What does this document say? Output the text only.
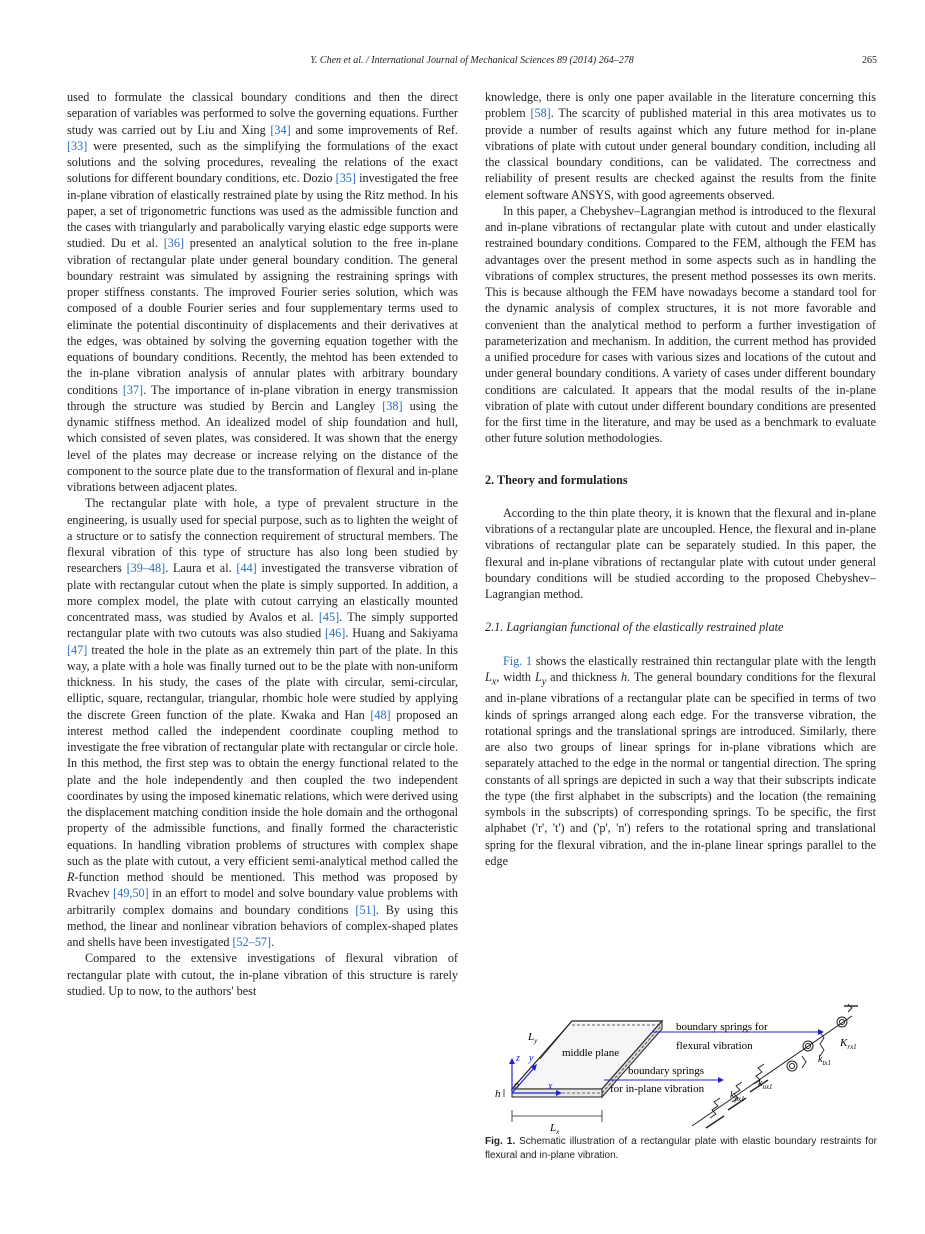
Y. Chen et al. / International Journal of Mechanical Sciences 89 (2014) 264–278	265

used to formulate the classical boundary conditions and then the direct separation of variables was performed to solve the governing equations. Further study was carried out by Liu and Xing [34] and some improvements of Ref. [33] were presented, such as the simplifying the formulations of the exact solutions and the solving procedures, revealing the relations of the exact solutions for different boundary conditions, etc. Dozio [35] investigated the free in-plane vibration of elastically restrained plate by using the Ritz method. In his paper, a set of trigonometric functions was used as the admissible function and the cases with triangularly and parabolically varying elastic edge supports were studied. Du et al. [36] presented an analytical solution to the free in-plane vibration of rectangular plate under general boundary condition. The general boundary restraint was simulated by assigning the restraining springs with proper stiffness constants. The improved Fourier series solution, which was composed of a double Fourier series and four supplementary terms used to eliminate the potential discontinuity of displacements and their derivatives at the edges, was obtained by solving the governing equation together with the equations of boundary conditions. Recently, the mehtod has been extended to the in-plane vibration analysis of annular plates with arbitrary boundary conditions [37]. The importance of in-plane vibration in energy transmission through the structure was studied by Bercin and Langley [38] using the dynamic stiffness method. An idealized model of ship foundation and hull, which consisted of seven plates, was considered. It was shown that the energy level of the plates may decrease or increase relying on the distance of the component to the source plate due to the transformation of flexural and in-plane vibrations between adjacent plates.

The rectangular plate with hole, a type of prevalent structure in the engineering, is usually used for special purpose, such as to lighten the weight of a structure or to satisfy the connection requirement of structural members. The flexural vibration of this type of structure has also long been studied by researchers [39–48]. Laura et al. [44] investigated the transverse vibration of plate with rectangular cutout when the plate is simply supported. In addition, a more complex model, the plate with cutout carrying an elastically mounted concentrated mass, was studied by Avalos et al. [45]. The simply supported rectangular plate with two cutouts was also studied [46]. Huang and Sakiyama [47] treated the hole in the plate as an extremely thin part of the plate. In this way, a plate with a hole was finally turned out to be the plate with non-uniform thickness. In his study, the cases of the plate with circular, semi-circular, elliptic, square, rectangular, triangular, rhombic hole were studied by applying the discrete Green function of the plate. Kwaka and Han [48] proposed an interest method called the independent coordinate coupling method to investigate the free vibration of rectangular plate with rectangular or circle hole. In this method, the first step was to obtain the energy functional related to the plate and the hole independently and then coupled the two independent coordinates by using the imposed kinematic relations, which were derived using the displacement matching condition inside the hole domain and the orthogonal property of the admissible functions, and finally formed the characteristic equations. In handling vibration problems of structures with complex shape such as the plate with cutout, a very efficient semi-analytical method called the R-function method should be mentioned. This method was proposed by Rvachev [49,50] in an effort to model and solve boundary value problems with arbitrarily complex domains and boundary conditions [51]. By using this method, the linear and nonlinear vibration behaviors of complex-shaped plates and shells have been investigated [52–57].

Compared to the extensive investigations of flexural vibration of rectangular plate with cutout, the in-plane vibration of this structure is rarely studied. Up to now, to the authors' best

knowledge, there is only one paper available in the literature concerning this problem [58]. The scarcity of published material in this area motivates us to provide a number of results against which any future method for in-plane vibrations of plate with cutout under general boundary condition, including all the classical boundary conditions, can be validated. The correctness and reliability of present results are checked against the results from the finite element software ANSYS, with good agreements observed.

In this paper, a Chebyshev–Lagrangian method is introduced to the flexural and in-plane vibrations of rectangular plate with cutout and under elastically restrained boundary conditions. Compared to the FEM, although the FEM has advantages over the present method in some aspects such as in handling the vibrations of complex structures, the present method possesses its own merits. This is because although the FEM have nowadays become a standard tool for the dynamic analysis of complex structures, it is not more favorable and convenient than the analytical method to perform a further investigation of parameterization and mechanism. In addition, the current method has provided a unified procedure for cases with various sizes and locations of the cutout and under general boundary conditions. A variety of cases under different boundary conditions are calculated. It appears that the modal results of the in-plane vibration of plate with cutout under different boundary conditions are presented for the first time in the literature, and may be used as a benchmark to evaluate other future solution methodologies.

2. Theory and formulations

According to the thin plate theory, it is known that the flexural and in-plane vibrations of a rectangular plate are uncoupled. Hence, the flexural and in-plane vibrations of rectangular plate can be separately studied. In this paper, the flexural and in-plane vibrations of rectangular plate with cutout under general boundary conditions will be studied according to the proposed Chebyshev–Lagrangian method.

2.1. Lagriangian functional of the elastically restrained plate

Fig. 1 shows the elastically restrained thin rectangular plate with the length $L_x$, width $L_y$ and thickness h. The general boundary conditions for the flexural and in-plane vibrations of a rectangular plate can be specified in terms of two kinds of springs arranged along each edge. For the transverse vibration, the rotational springs and the translational springs are introduced. Similarly, there are also two groups of linear springs for in-plane vibrations which are separately attached to the edge in the normal or tangential direction. The spring constants of all springs are depicted in such a way that their subscripts indicate the type (the first alphabet in the subscripts) and the location (the remaining symbols in the subscripts) of corresponding springs. To be specific, the first alphabet ('r', 't') and ('p', 'n') refers to the rotational spring and translational spring for the flexural vibration, and the in-plane linear springs parallel to the edge

$L_y$
$L_x$
h
o	x
y
z	middle plane
boundary springs for
flexural vibration
boundary springs
for in-plane vibration
$K_{rx1}$
$k_{tx1}$
$k_{nx1}$
$k_{px1}$
Fig. 1. Schematic illustration of a rectangular plate with elastic boundary restraints for flexural and in-plane vibration.
